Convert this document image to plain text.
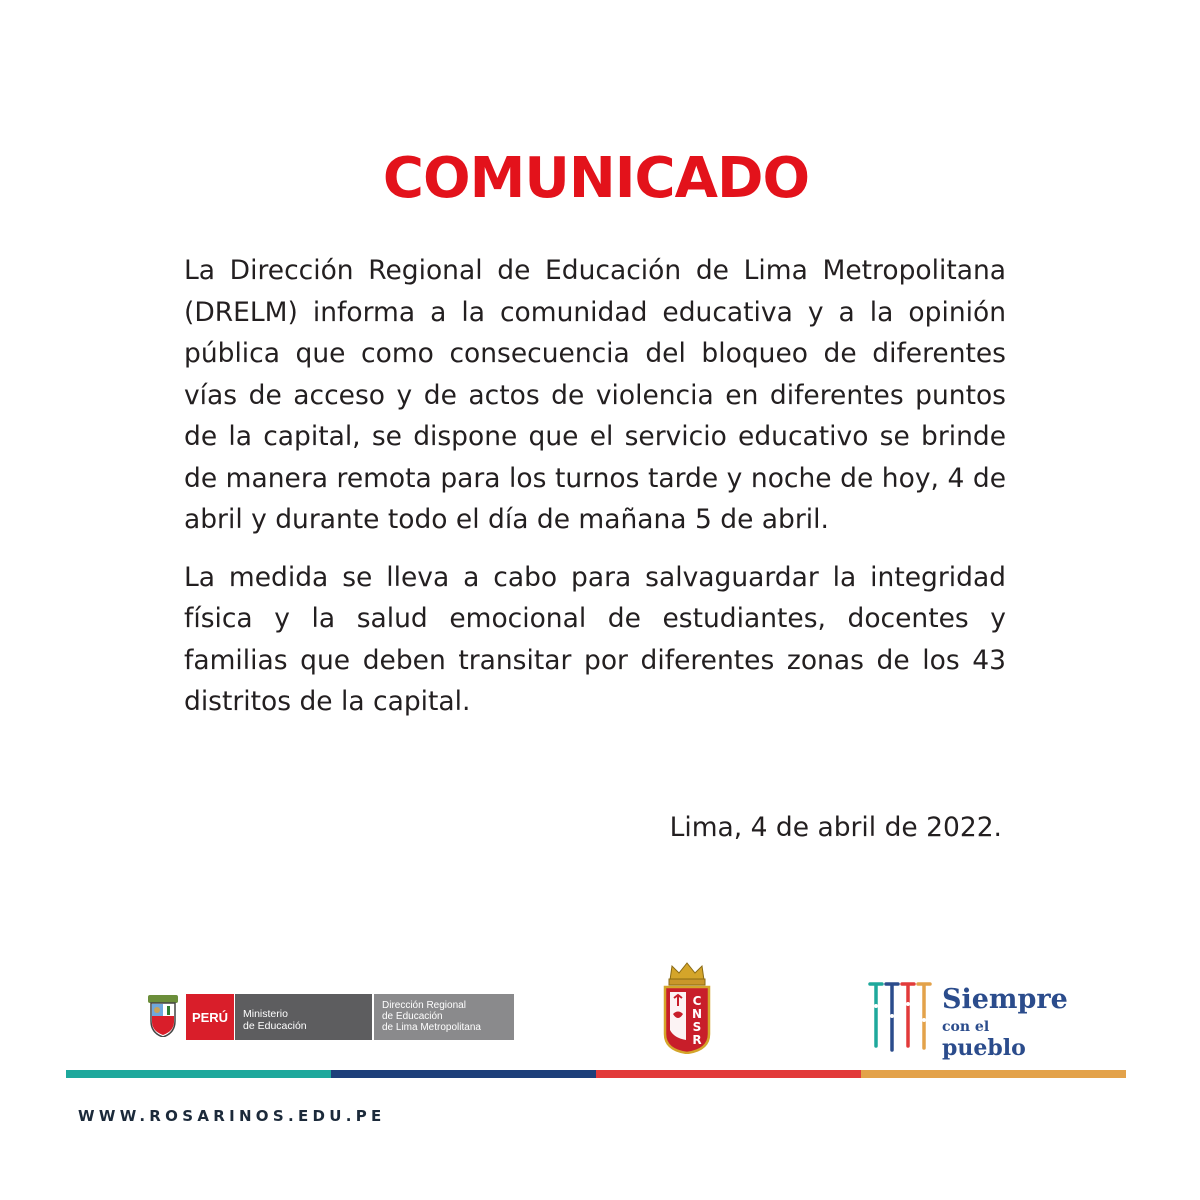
COMUNICADO

La Dirección Regional de Educación de Lima Metropolitana (DRELM) informa a la comunidad educativa y a la opinión pública que como consecuencia del bloqueo de diferentes vías de acceso y de actos de violencia en diferentes puntos de la capital, se dispone que el servicio educativo se brinde de manera remota para los turnos tarde y noche de hoy, 4 de abril y durante todo el día de mañana 5 de abril.

La medida se lleva a cabo para salvaguardar la integridad física y la salud emocional de estudiantes, docentes y familias que deben transitar por diferentes zonas de los 43 distritos de la capital.

Lima, 4 de abril de 2022.
PERÚ	Ministerio
de Educación
Dirección Regional
de Educación
de Lima Metropolitana
C
N
S
R
Siempre
con el pueblo
WWW.ROSARINOS.EDU.PE
